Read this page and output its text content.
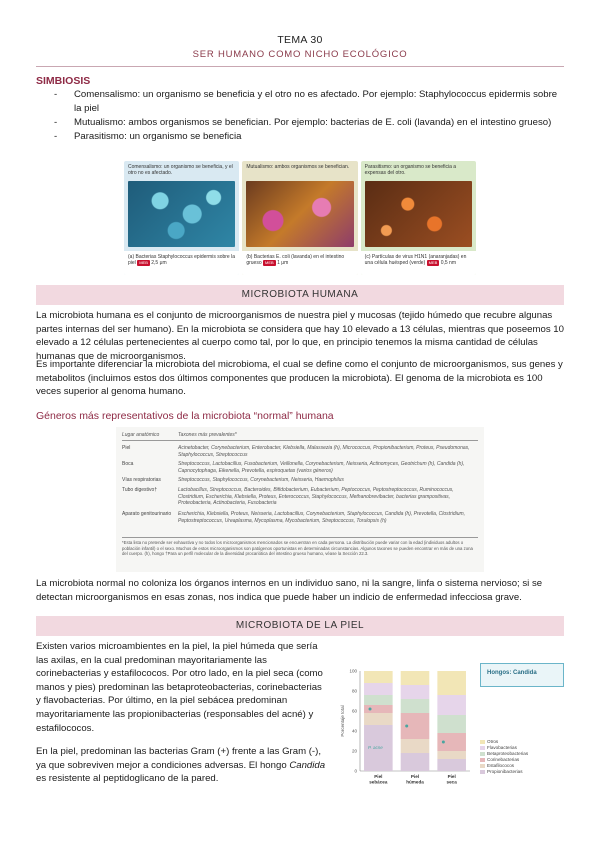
TEMA 30
SER HUMANO COMO NICHO ECOLÓGICO
SIMBIOSIS
- Comensalismo: un organismo se beneficia y el otro no es afectado. Por ejemplo: Staphylococcus epidermis sobre la piel
- Mutualismo: ambos organismos se benefician. Por ejemplo: bacterias de E. coli (lavanda) en el intestino grueso)
- Parasitismo: un organismo se beneficia
Comensalismo: un organismo se beneficia, y el otro no es afectado.
(a) Bacterias Staphylococcus epidermis sobre la piel MEB 2,5 μm
Mutualismo: ambos organismos se benefician.
(b) Bacterias E. coli (lavanda) en el intestino grueso MEB 1 μm
Parasitismo: un organismo se beneficia a expensas del otro.
(c) Partículas de virus H1N1 (anaranjadas) en una célula huésped (verde) MEB 0,5 nm
MICROBIOTA HUMANA
La microbiota humana es el conjunto de microorganismos de nuestra piel y mucosas (tejido húmedo que recubre algunas partes internas del ser humano). En la microbiota se considera que hay 10 elevado a 13 células, mientras que poseemos 10 elevado a 12 células pertenecientes al cuerpo como tal, por lo que, en principio tenemos la misma cantidad de células humanas que de microorganismos.
Es importante diferenciar la microbiota del microbioma, el cual se define como el conjunto de microorganismos, sus genes y metabolitos (incluimos estos dos últimos componentes que producen la microbiota). El genoma de la microbiota es 100 veces superior al genoma humano.
Géneros más representativos de la microbiota “normal” humana
Lugar anatómico	Taxones más prevalentes*
Piel	Acinetobacter, Corynebacterium, Enterobacter, Klebsiella, Malassezia (h), Micrococcus, Propionibacterium, Proteus, Pseudomonas, Staphylococcus, Streptococcus
Boca	Streptococcus, Lactobacillus, Fusobacterium, Veillonella, Corynebacterium, Neisseria, Actinomyces, Geotrichum (h), Candida (h), Capnocytophaga, Eikenella, Prevotella, espiroquetas (varios géneros)
Vías respiratorias	Streptococcus, Staphylococcus, Corynebacterium, Neisseria, Haemophilus
Tubo digestivo†	Lactobacillus, Streptococcus, Bacteroides, Bifidobacterium, Eubacterium, Peptococcus, Peptostreptococcus, Ruminococcus, Clostridium, Escherichia, Klebsiella, Proteus, Enterococcus, Staphylococcus, Methanobrevibacter, bacterias grampositivas, Proteobacteria, Actinobacteria, Fusobacteria
Aparato genitourinario	Escherichia, Klebsiella, Proteus, Neisseria, Lactobacillus, Corynebacterium, Staphylococcus, Candida (h), Prevotella, Clostridium, Peptostreptococcus, Ureaplasma, Mycoplasma, Mycobacterium, Streptococcus, Torulopsis (h)
*Esta lista no pretende ser exhaustiva y no todos los microorganismos mencionados se encuentran en cada persona. La distribución puede variar con la edad (individuos adultos o población infantil) o el sexo. Muchos de estos microorganismos son patógenos oportunistas en determinadas circunstancias. Algunos taxones se pueden encontrar en más de una zona del cuerpo. (h), hongo †Para un perfil molecular de la diversidad procariótica del intestino grueso humano, véase la Sección 22.3.
La microbiota normal no coloniza los órganos internos en un individuo sano, ni la sangre, linfa o sistema nervioso; si se detectan microorganismos en esas zonas, nos indica que puede haber un indicio de enfermedad infecciosa grave.
MICROBIOTA DE LA PIEL
Existen varios microambientes en la piel, la piel húmeda que sería las axilas, en la cual predominan mayoritariamente las corinebacterias y estafilococos. Por otro lado, en la piel seca (como manos y pies) predominan las betaproteobacterias, corinebacterias y flavobacterias. Por último, en la piel sebácea predominan mayoritariamente las propionibacterias (responsables del acné) y estafilococos.
En la piel, predominan las bacterias Gram (+) frente a las Gram (-), ya que sobreviven mejor a condiciones adversas. El hongo Candida es resistente al peptidoglicano de la pared.
0
20
40
60
80
100
Porcentaje total
Piel
sebácea
Piel
húmeda
Piel
seca
P. acne
Hongos: Candida
Otros
Flavobacterias
Betaproteobacterias
Corinebacterias
Estafilococos
Propionibacterias
